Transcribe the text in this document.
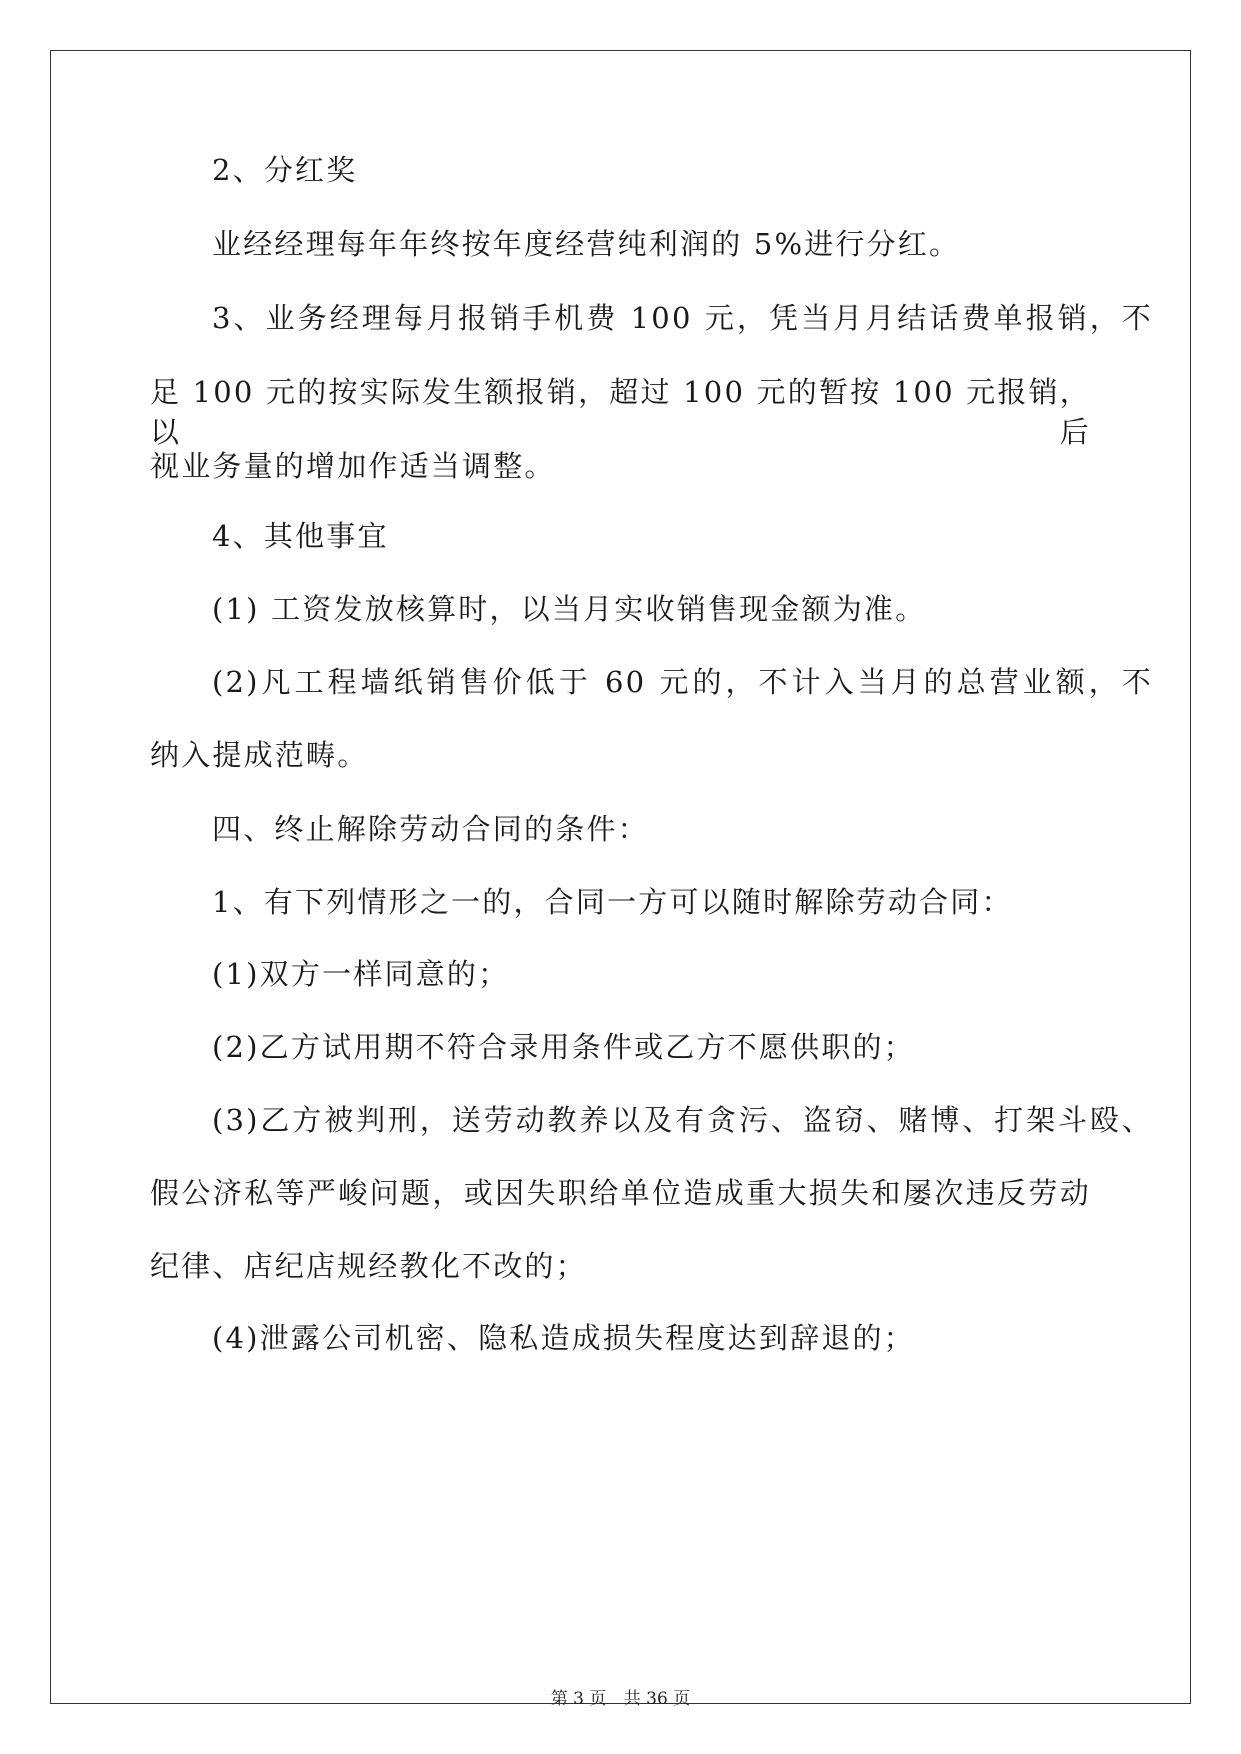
2、分红奖
业经经理每年年终按年度经营纯利润的 5%进行分红。
3、业务经理每月报销手机费 100 元，凭当月月结话费单报销，不
足 100 元的按实际发生额报销，超过 100 元的暂按 100 元报销，以后
视业务量的增加作适当调整。
4、其他事宜
(1) 工资发放核算时，以当月实收销售现金额为准。
(2)凡工程墙纸销售价低于 60 元的，不计入当月的总营业额，不
纳入提成范畴。
四、终止解除劳动合同的条件：
1、有下列情形之一的，合同一方可以随时解除劳动合同：
(1)双方一样同意的；
(2)乙方试用期不符合录用条件或乙方不愿供职的；
(3)乙方被判刑，送劳动教养以及有贪污、盗窃、赌博、打架斗殴、
假公济私等严峻问题，或因失职给单位造成重大损失和屡次违反劳动
纪律、店纪店规经教化不改的；
(4)泄露公司机密、隐私造成损失程度达到辞退的；
第 3 页 共 36 页
